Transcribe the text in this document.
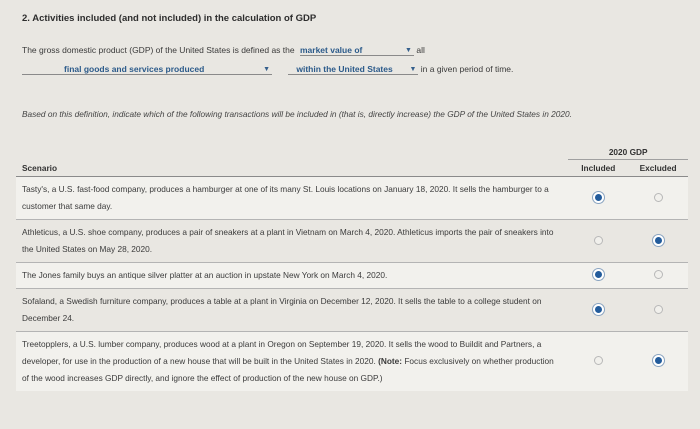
2. Activities included (and not included) in the calculation of GDP
The gross domestic product (GDP) of the United States is defined as the market value of	▼ all
final goods and services produced	▼	within the United States ▼ in a given period of time.
Based on this definition, indicate which of the following transactions will be included in (that is, directly increase) the GDP of the United States in 2020.
	2020 GDP	
Scenario	Included	Excluded
Tasty's, a U.S. fast-food company, produces a hamburger at one of its many St. Louis locations on January 18, 2020. It sells the hamburger to a customer that same day.		
Athleticus, a U.S. shoe company, produces a pair of sneakers at a plant in Vietnam on March 4, 2020. Athleticus imports the pair of sneakers into the United States on May 28, 2020.		
The Jones family buys an antique silver platter at an auction in upstate New York on March 4, 2020.		
Sofaland, a Swedish furniture company, produces a table at a plant in Virginia on December 12, 2020. It sells the table to a college student on December 24.		
Treetopplers, a U.S. lumber company, produces wood at a plant in Oregon on September 19, 2020. It sells the wood to Buildit and Partners, a developer, for use in the production of a new house that will be built in the United States in 2020. (Note: Focus exclusively on whether production of the wood increases GDP directly, and ignore the effect of production of the new house on GDP.)		
